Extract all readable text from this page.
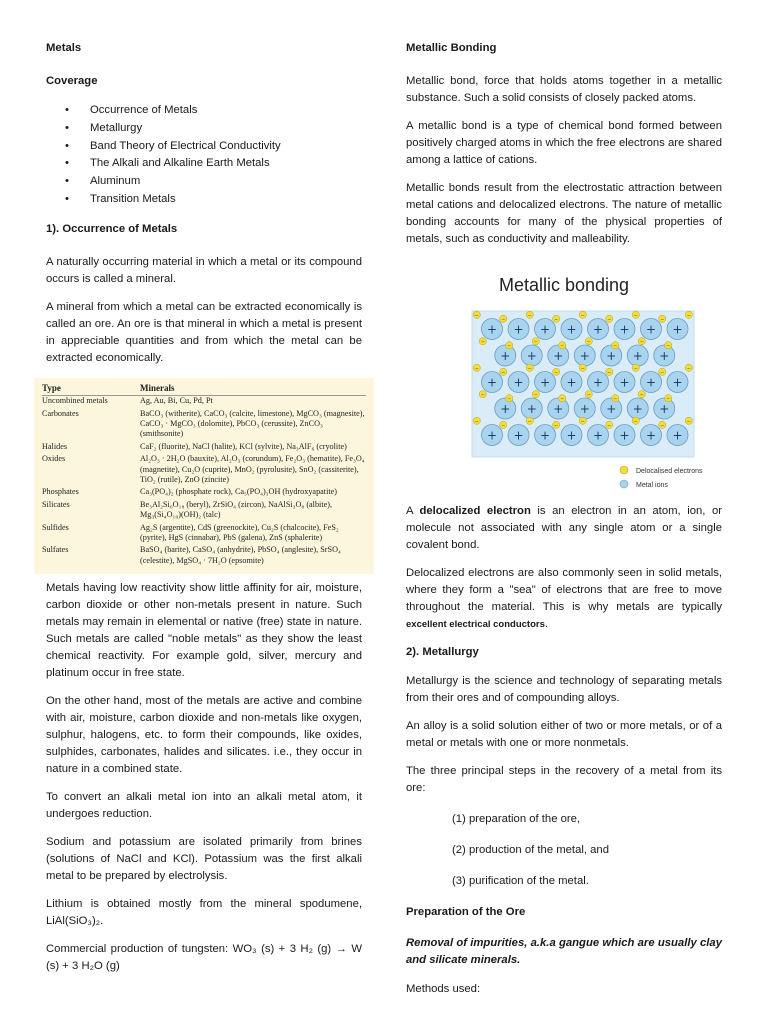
Metals
Coverage
• Occurrence of Metals
• Metallurgy
• Band Theory of Electrical Conductivity
• The Alkali and Alkaline Earth Metals
• Aluminum
• Transition Metals
1). Occurrence of Metals

A naturally occurring material in which a metal or its compound occurs is called a mineral.

A mineral from which a metal can be extracted economically is called an ore. An ore is that mineral in which a metal is present in appreciable quantities and from which the metal can be extracted economically.

Type	Minerals
Uncombined metals	Ag, Au, Bi, Cu, Pd, Pt
Carbonates	BaCO₃ (witherite), CaCO₃ (calcite, limestone), MgCO₃ (magnesite), CaCO₃ · MgCO₃ (dolomite), PbCO₃ (cerussite), ZnCO₃ (smithsonite)
Halides	CaF₂ (fluorite), NaCl (halite), KCl (sylvite), Na₃AlF₆ (cryolite)
Oxides	Al₂O₃ · 2H₂O (bauxite), Al₂O₃ (corundum), Fe₂O₃ (hematite), Fe₃O₄ (magnetite), Cu₂O (cuprite), MnO₂ (pyrolusite), SnO₂ (cassiterite), TiO₂ (rutile), ZnO (zincite)
Phosphates	Ca₃(PO₄)₂ (phosphate rock), Ca₅(PO₄)₃OH (hydroxyapatite)
Silicates	Be₃Al₂Si₆O₁₈ (beryl), ZrSiO₄ (zircon), NaAlSi₃O₈ (albite), Mg₃(Si₄O₁₀)(OH)₂ (talc)
Sulfides	Ag₂S (argentite), CdS (greenockite), Cu₂S (chalcocite), FeS₂ (pyrite), HgS (cinnabar), PbS (galena), ZnS (sphalerite)
Sulfates	BaSO₄ (barite), CaSO₄ (anhydrite), PbSO₄ (anglesite), SrSO₄ (celestite), MgSO₄ · 7H₂O (epsomite)

Metals having low reactivity show little affinity for air, moisture, carbon dioxide or other non-metals present in nature. Such metals may remain in elemental or native (free) state in nature. Such metals are called "noble metals" as they show the least chemical reactivity. For example gold, silver, mercury and platinum occur in free state.

On the other hand, most of the metals are active and combine with air, moisture, carbon dioxide and non-metals like oxygen, sulphur, halogens, etc. to form their compounds, like oxides, sulphides, carbonates, halides and silicates. i.e., they occur in nature in a combined state.

To convert an alkali metal ion into an alkali metal atom, it undergoes reduction.

Sodium and potassium are isolated primarily from brines (solutions of NaCl and KCl). Potassium was the first alkali metal to be prepared by electrolysis.

Lithium is obtained mostly from the mineral spodumene, LiAl(SiO₃)₂.

Commercial production of tungsten: WO₃ (s) + 3 H₂ (g) → W (s) + 3 H₂O (g)

Metallic Bonding

Metallic bond, force that holds atoms together in a metallic substance. Such a solid consists of closely packed atoms.

A metallic bond is a type of chemical bond formed between positively charged atoms in which the free electrons are shared among a lattice of cations.

Metallic bonds result from the electrostatic attraction between metal cations and delocalized electrons. The nature of metallic bonding accounts for many of the physical properties of metals, such as conductivity and malleability.

Metallic bonding
+ + + + + + + +
+ + + + + + +
+ + + + + + + +
+ + + + + + +
+ + + + + + + +
−
−
−
−
−
−
−
−
−
−
−
−
−
−
−
−
−
−
−
−
−
−
−
−
−
−
−
−
−
−
−
−
−
−
−
−
−
−
−
−
−
−
−
Delocalised electrons
Metal ions

A delocalized electron is an electron in an atom, ion, or molecule not associated with any single atom or a single covalent bond.

Delocalized electrons are also commonly seen in solid metals, where they form a "sea" of electrons that are free to move throughout the material. This is why metals are typically excellent electrical conductors.

2). Metallurgy

Metallurgy is the science and technology of separating metals from their ores and of compounding alloys.

An alloy is a solid solution either of two or more metals, or of a metal or metals with one or more nonmetals.

The three principal steps in the recovery of a metal from its ore:

(1) preparation of the ore,
(2) production of the metal, and
(3) purification of the metal.
Preparation of the Ore

Removal of impurities, a.k.a gangue which are usually clay and silicate minerals.

Methods used:
